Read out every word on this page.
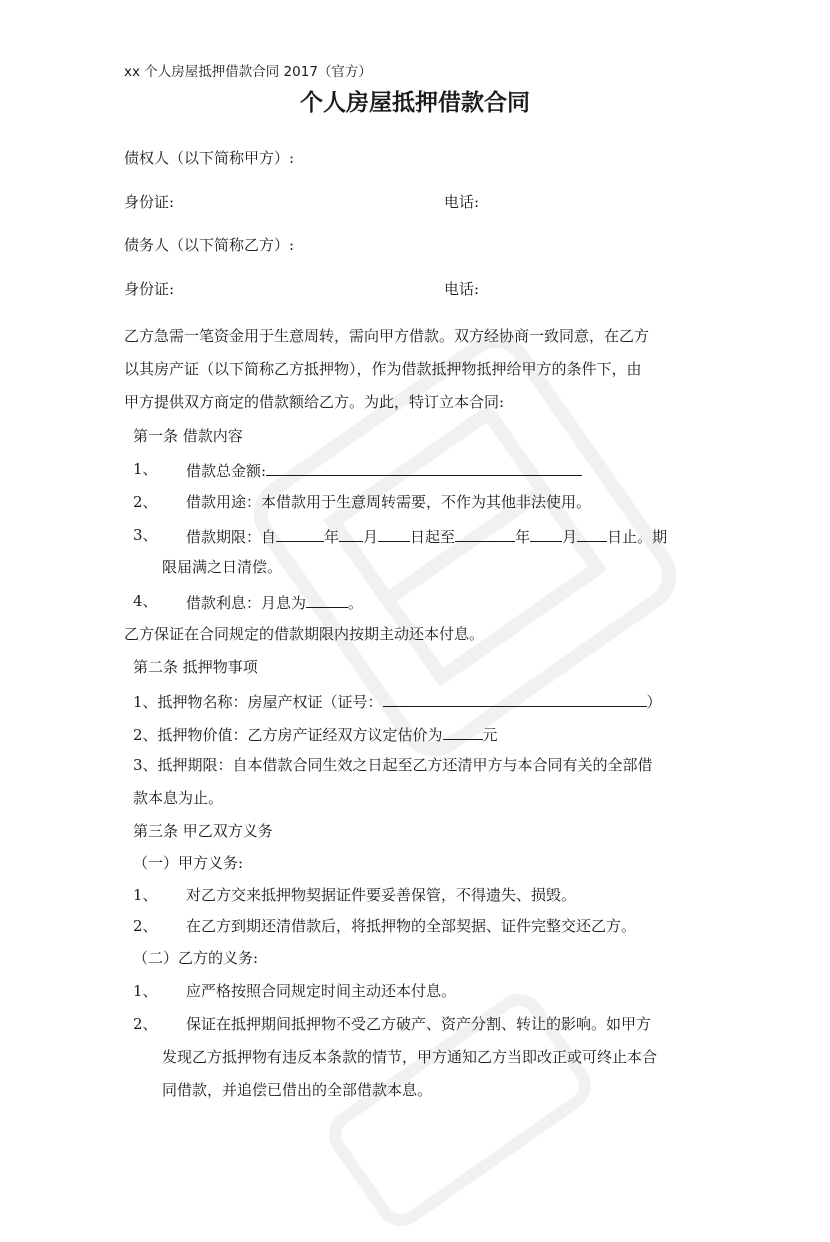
xx 个人房屋抵押借款合同 2017（官方）
个人房屋抵押借款合同
债权人（以下简称甲方）:
身份证:	电话:
债务人（以下简称乙方）:
身份证:	电话:
乙方急需一笔资金用于生意周转，需向甲方借款。双方经协商一致同意，在乙方
以其房产证（以下简称乙方抵押物），作为借款抵押物抵押给甲方的条件下，由
甲方提供双方商定的借款额给乙方。为此，特订立本合同:
第一条 借款内容
1、 借款总金额:
2、 借款用途：本借款用于生意周转需要，不作为其他非法使用。
3、 借款期限：自	年 月 日起至	年 月 日止。期
限届满之日清偿。
4、 借款利息：月息为	。
乙方保证在合同规定的借款期限内按期主动还本付息。
第二条 抵押物事项
1、抵押物名称：房屋产权证（证号：	）
2、抵押物价值：乙方房产证经双方议定估价为	元
3、抵押期限：自本借款合同生效之日起至乙方还清甲方与本合同有关的全部借
款本息为止。
第三条 甲乙双方义务
（一）甲方义务:
1、 对乙方交来抵押物契据证件要妥善保管，不得遗失、损毁。
2、 在乙方到期还清借款后，将抵押物的全部契据、证件完整交还乙方。
（二）乙方的义务:
1、 应严格按照合同规定时间主动还本付息。
2、 保证在抵押期间抵押物不受乙方破产、资产分割、转让的影响。如甲方
发现乙方抵押物有违反本条款的情节，甲方通知乙方当即改正或可终止本合
同借款，并追偿已借出的全部借款本息。
